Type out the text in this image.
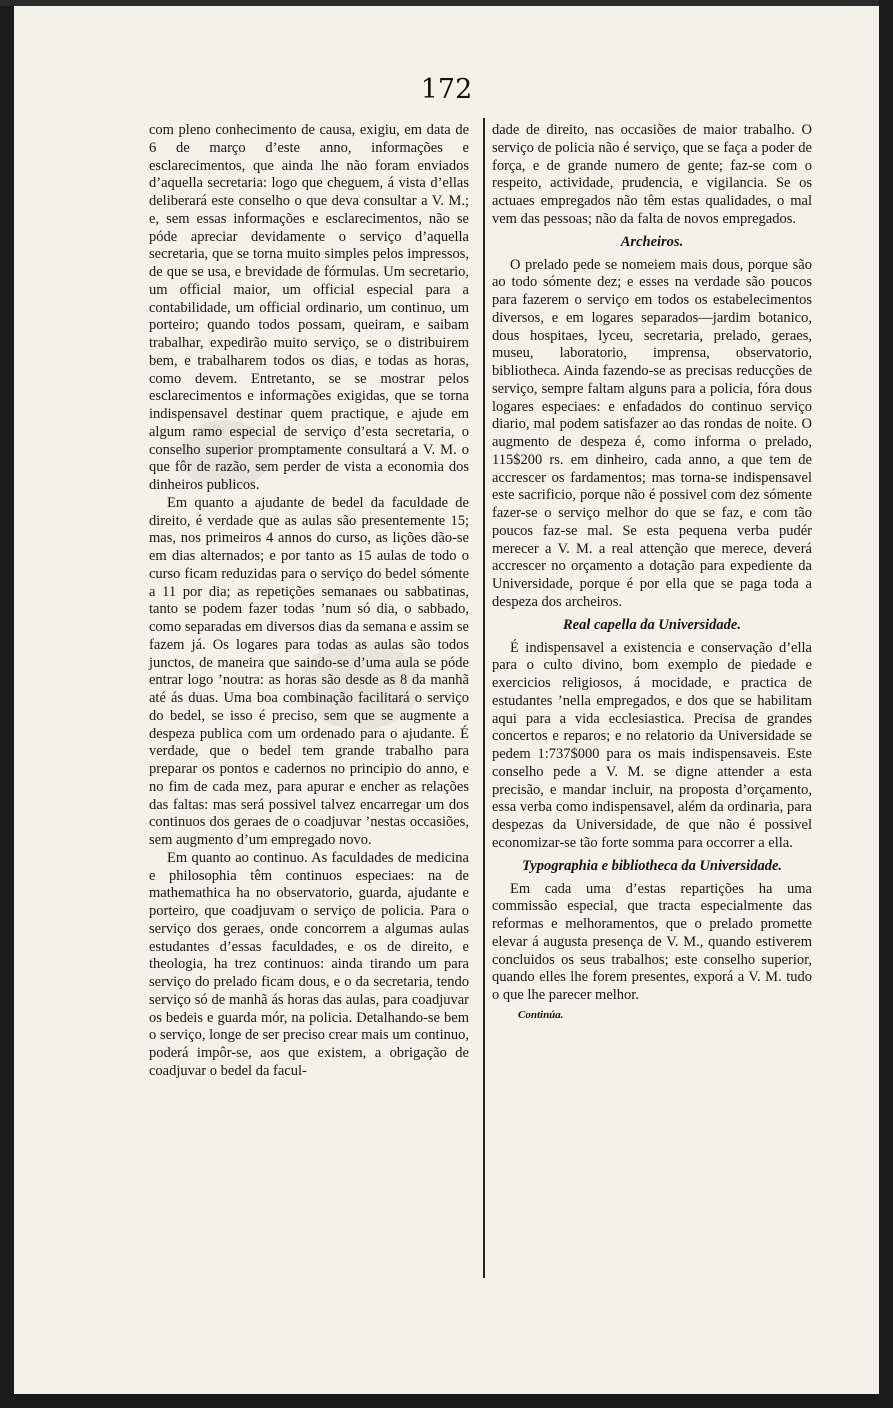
172

com pleno conhecimento de causa, exigiu, em data de 6 de março d’este anno, informações e esclarecimentos, que ainda lhe não foram enviados d’aquella secretaria: logo que cheguem, á vista d’ellas deliberará este conselho o que deva consultar a V. M.; e, sem essas informações e esclarecimentos, não se póde apreciar devidamente o serviço d’aquella secretaria, que se torna muito simples pelos impressos, de que se usa, e brevidade de fórmulas. Um secretario, um official maior, um official especial para a contabilidade, um official ordinario, um continuo, um porteiro; quando todos possam, queiram, e saibam trabalhar, expedirão muito serviço, se o distribuirem bem, e trabalharem todos os dias, e todas as horas, como devem. Entretanto, se se mostrar pelos esclarecimentos e informações exigidas, que se torna indispensavel destinar quem practique, e ajude em algum ramo especial de serviço d’esta secretaria, o conselho superior promptamente consultará a V. M. o que fôr de razão, sem perder de vista a economia dos dinheiros publicos.

Em quanto a ajudante de bedel da faculdade de direito, é verdade que as aulas são presentemente 15; mas, nos primeiros 4 annos do curso, as lições dão-se em dias alternados; e por tanto as 15 aulas de todo o curso ficam reduzidas para o serviço do bedel sómente a 11 por dia; as repetições semanaes ou sabbatinas, tanto se podem fazer todas ’num só dia, o sabbado, como separadas em diversos dias da semana e assim se fazem já. Os logares para todas as aulas são todos junctos, de maneira que saindo-se d’uma aula se póde entrar logo ’noutra: as horas são desde as 8 da manhã até ás duas. Uma boa combinação facilitará o serviço do bedel, se isso é preciso, sem que se augmente a despeza publica com um ordenado para o ajudante. É verdade, que o bedel tem grande trabalho para preparar os pontos e cadernos no principio do anno, e no fim de cada mez, para apurar e encher as relações das faltas: mas será possivel talvez encarregar um dos continuos dos geraes de o coadjuvar ’nestas occasiões, sem augmento d’um empregado novo.

Em quanto ao continuo. As faculdades de medicina e philosophia têm continuos especiaes: na de mathemathica ha no observatorio, guarda, ajudante e porteiro, que coadjuvam o serviço de policia. Para o serviço dos geraes, onde concorrem a algumas aulas estudantes d’essas faculdades, e os de direito, e theologia, ha trez continuos: ainda tirando um para serviço do prelado ficam dous, e o da secretaria, tendo serviço só de manhã ás horas das aulas, para coadjuvar os bedeis e guarda mór, na policia. Detalhando-se bem o serviço, longe de ser preciso crear mais um continuo, poderá impôr-se, aos que existem, a obrigação de coadjuvar o bedel da facul-

dade de direito, nas occasiões de maior trabalho. O serviço de policia não é serviço, que se faça a poder de força, e de grande numero de gente; faz-se com o respeito, actividade, prudencia, e vigilancia. Se os actuaes empregados não têm estas qualidades, o mal vem das pessoas; não da falta de novos empregados.

Archeiros.

O prelado pede se nomeiem mais dous, porque são ao todo sómente dez; e esses na verdade são poucos para fazerem o serviço em todos os estabelecimentos diversos, e em logares separados—jardim botanico, dous hospitaes, lyceu, secretaria, prelado, geraes, museu, laboratorio, imprensa, observatorio, bibliotheca. Ainda fazendo-se as precisas reducções de serviço, sempre faltam alguns para a policia, fóra dous logares especiaes: e enfadados do continuo serviço diario, mal podem satisfazer ao das rondas de noite. O augmento de despeza é, como informa o prelado, 115$200 rs. em dinheiro, cada anno, a que tem de accrescer os fardamentos; mas torna-se indispensavel este sacrificio, porque não é possivel com dez sómente fazer-se o serviço melhor do que se faz, e com tão poucos faz-se mal. Se esta pequena verba pudér merecer a V. M. a real attenção que merece, deverá accrescer no orçamento a dotação para expediente da Universidade, porque é por ella que se paga toda a despeza dos archeiros.

Real capella da Universidade.

É indispensavel a existencia e conservação d’ella para o culto divino, bom exemplo de piedade e exercicios religiosos, á mocidade, e practica de estudantes ’nella empregados, e dos que se habilitam aqui para a vida ecclesiastica. Precisa de grandes concertos e reparos; e no relatorio da Universidade se pedem 1:737$000 para os mais indispensaveis. Este conselho pede a V. M. se digne attender a esta precisão, e mandar incluir, na proposta d’orçamento, essa verba como indispensavel, além da ordinaria, para despezas da Universidade, de que não é possivel economizar-se tão forte somma para occorrer a ella.

Typographia e bibliotheca da Universidade.

Em cada uma d’estas repartições ha uma commissão especial, que tracta especialmente das reformas e melhoramentos, que o prelado promette elevar á augusta presença de V. M., quando estiverem concluidos os seus trabalhos; este conselho superior, quando elles lhe forem presentes, exporá a V. M. tudo o que lhe parecer melhor.

Continúa.
